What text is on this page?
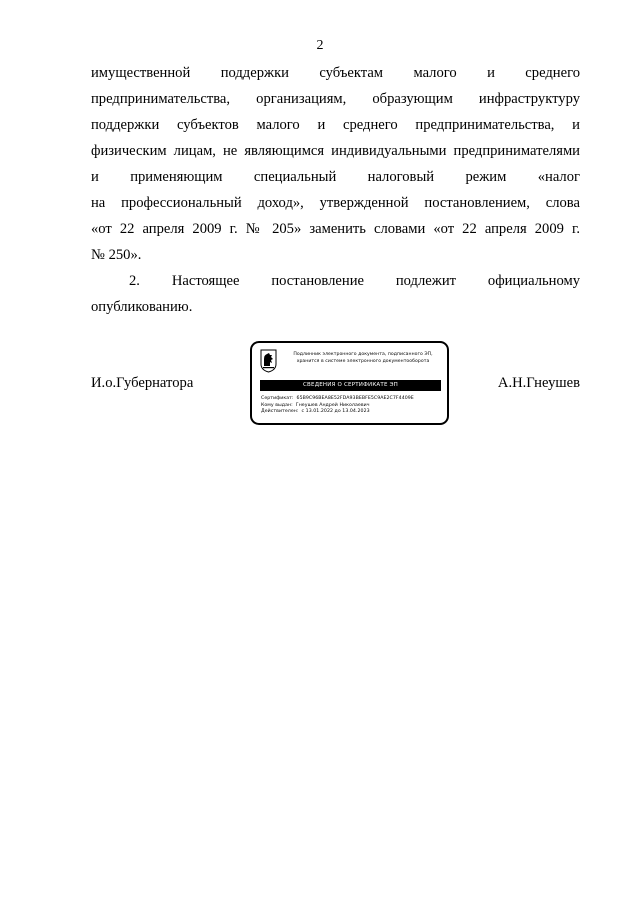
2

имущественной поддержки субъектам малого и среднего

предпринимательства, организациям, образующим инфраструктуру

поддержки субъектов малого и среднего предпринимательства, и

физическим лицам, не являющимся индивидуальными предпринимателями

и применяющим специальный налоговый режим «налог

на профессиональный доход», утвержденной постановлением, слова

«от 22 апреля 2009 г. № 205» заменить словами «от 22 апреля 2009 г.

№ 250».

2. Настоящее постановление подлежит официальному

опубликованию.

И.о.Губернатора	А.Н.Гнеушев
Подлинник электронного документа, подписанного ЭП,
хранится в системе электронного документооборота
СВЕДЕНИЯ О СЕРТИФИКАТЕ ЭП
Сертификат: 65B9C96BEA8E52FDA93BEBFE5C9AE2C7F4409E
Кому выдан: Гнеушев Андрей Николаевич
Действителен: с 13.01.2022 до 13.04.2023
